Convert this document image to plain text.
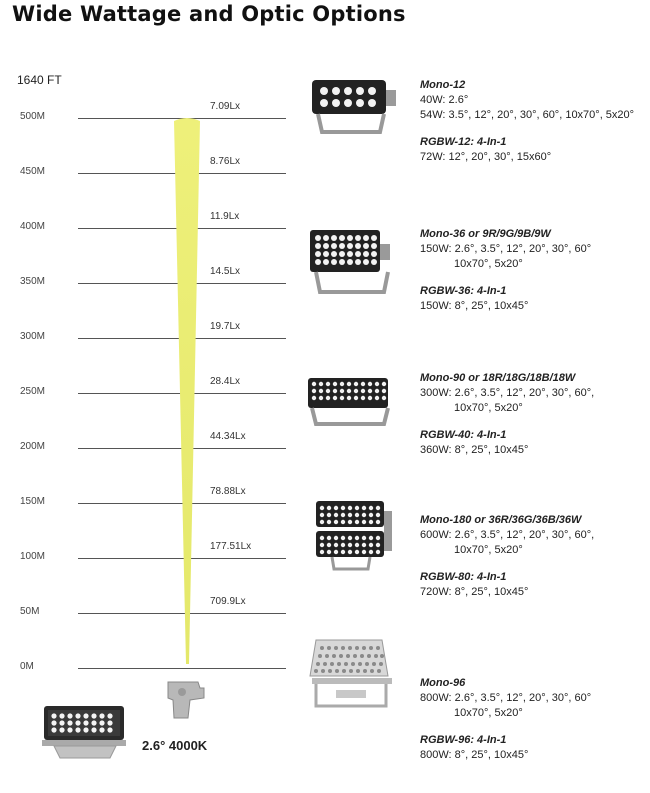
Wide Wattage and Optic Options
1640 FT
500M
450M
400M
350M
300M
250M
200M
150M
100M
50M
0M
7.09Lx
8.76Lx
11.9Lx
14.5Lx
19.7Lx
28.4Lx
44.34Lx
78.88Lx
177.51Lx
709.9Lx
2.6° 4000K
Mono-12
40W: 2.6°
54W: 3.5°, 12°, 20°, 30°, 60°, 10x70°, 5x20°
RGBW-12: 4-In-1
72W: 12°, 20°, 30°, 15x60°
Mono-36 or 9R/9G/9B/9W
150W: 2.6°, 3.5°, 12°, 20°, 30°, 60°
10x70°, 5x20°
RGBW-36: 4-In-1
150W: 8°, 25°, 10x45°
Mono-90 or 18R/18G/18B/18W
300W: 2.6°, 3.5°, 12°, 20°, 30°, 60°,
10x70°, 5x20°
RGBW-40: 4-In-1
360W: 8°, 25°, 10x45°
Mono-180 or 36R/36G/36B/36W
600W: 2.6°, 3.5°, 12°, 20°, 30°, 60°,
10x70°, 5x20°
RGBW-80: 4-In-1
720W: 8°, 25°, 10x45°
Mono-96
800W: 2.6°, 3.5°, 12°, 20°, 30°, 60°
10x70°, 5x20°
RGBW-96: 4-In-1
800W: 8°, 25°, 10x45°
